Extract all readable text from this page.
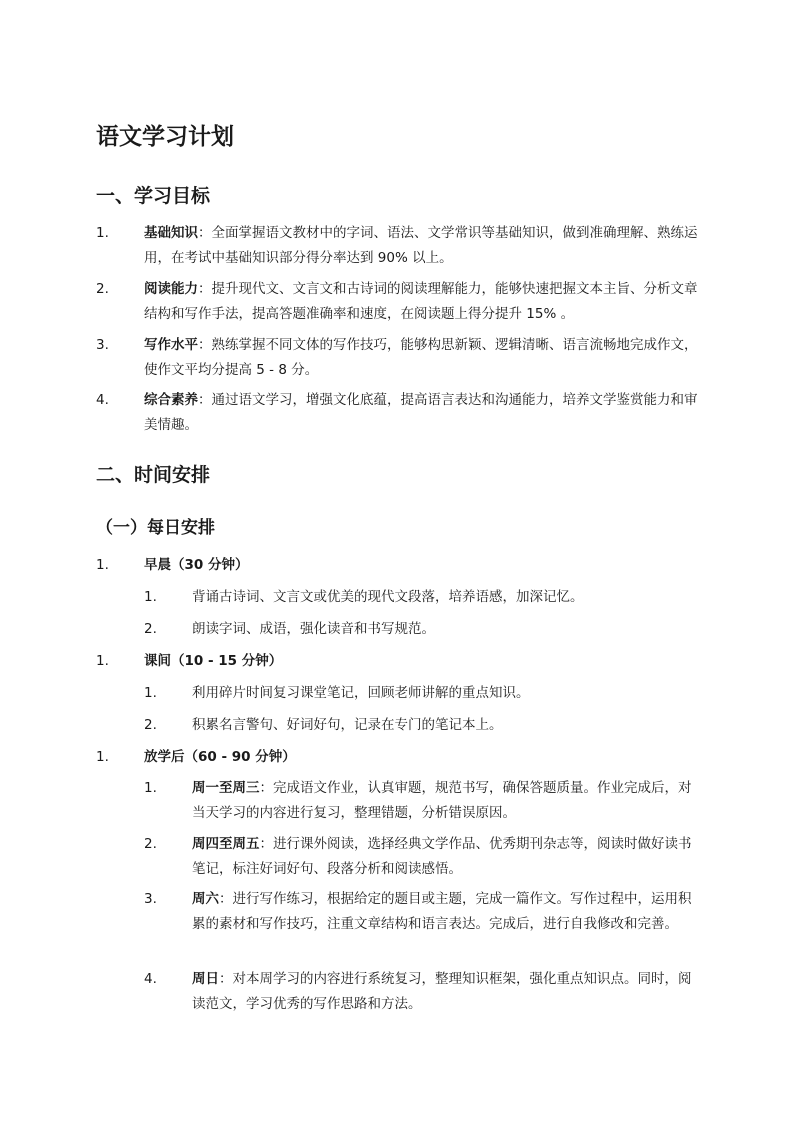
语文学习计划
一、学习目标
1.	基础知识：全面掌握语文教材中的字词、语法、文学常识等基础知识，做到准确理解、熟练运用，在考试中基础知识部分得分率达到 90% 以上。
2.	阅读能力：提升现代文、文言文和古诗词的阅读理解能力，能够快速把握文本主旨、分析文章结构和写作手法，提高答题准确率和速度，在阅读题上得分提升 15% 。
3.	写作水平：熟练掌握不同文体的写作技巧，能够构思新颖、逻辑清晰、语言流畅地完成作文，使作文平均分提高 5 - 8 分。
4.	综合素养：通过语文学习，增强文化底蕴，提高语言表达和沟通能力，培养文学鉴赏能力和审美情趣。
二、时间安排
（一）每日安排
1.	早晨（30 分钟）
1.	背诵古诗词、文言文或优美的现代文段落，培养语感，加深记忆。
2.	朗读字词、成语，强化读音和书写规范。
1.	课间（10 - 15 分钟）
1.	利用碎片时间复习课堂笔记，回顾老师讲解的重点知识。
2.	积累名言警句、好词好句，记录在专门的笔记本上。
1.	放学后（60 - 90 分钟）
1.	周一至周三：完成语文作业，认真审题，规范书写，确保答题质量。作业完成后，对当天学习的内容进行复习，整理错题，分析错误原因。
2.	周四至周五：进行课外阅读，选择经典文学作品、优秀期刊杂志等，阅读时做好读书笔记，标注好词好句、段落分析和阅读感悟。
3.	周六：进行写作练习，根据给定的题目或主题，完成一篇作文。写作过程中，运用积累的素材和写作技巧，注重文章结构和语言表达。完成后，进行自我修改和完善。
4.	周日：对本周学习的内容进行系统复习，整理知识框架，强化重点知识点。同时，阅读范文，学习优秀的写作思路和方法。
